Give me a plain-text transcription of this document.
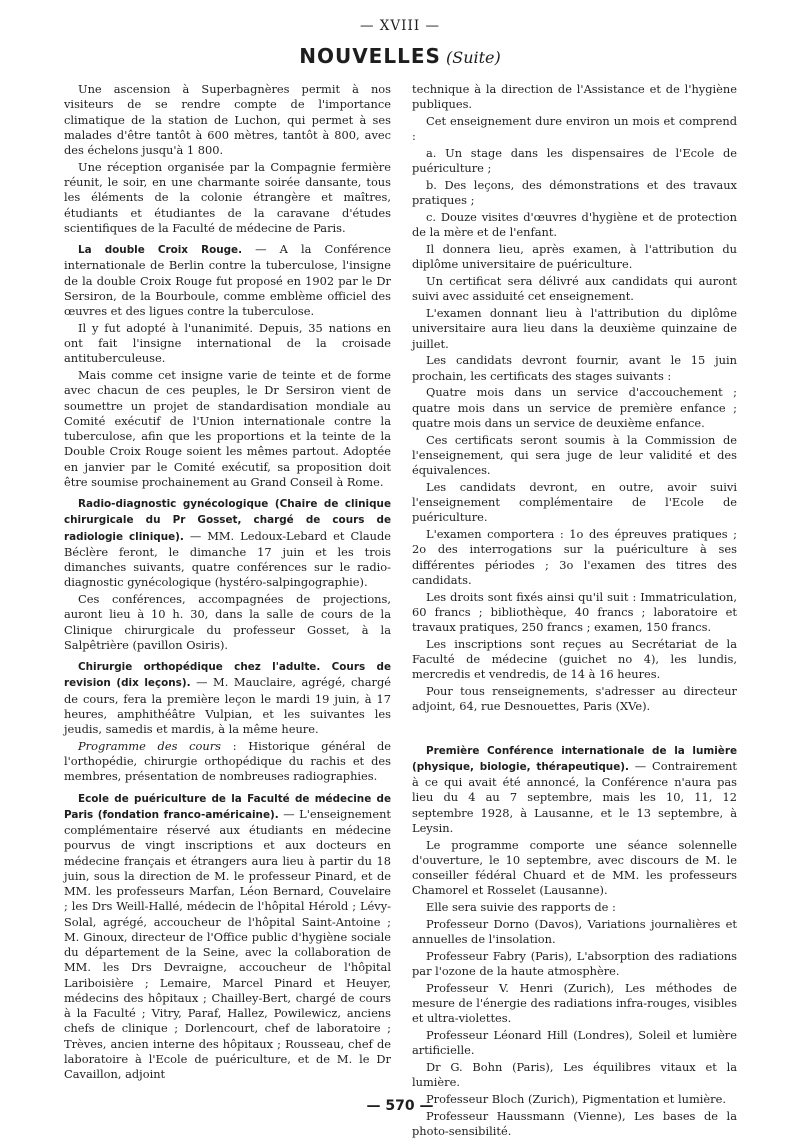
— XVIII —
NOUVELLES (Suite)

Une ascension à Superbagnères permit à nos visiteurs de se rendre compte de l'importance climatique de la station de Luchon, qui permet à ses malades d'être tantôt à 600 mètres, tantôt à 800, avec des échelons jusqu'à 1 800.

Une réception organisée par la Compagnie fermière réunit, le soir, en une charmante soirée dansante, tous les éléments de la colonie étrangère et maîtres, étudiants et étudiantes de la caravane d'études scientifiques de la Faculté de médecine de Paris.

La double Croix Rouge. — A la Conférence internationale de Berlin contre la tuberculose, l'insigne de la double Croix Rouge fut proposé en 1902 par le Dr Sersiron, de la Bourboule, comme emblème officiel des œuvres et des ligues contre la tuberculose.

Il y fut adopté à l'unanimité. Depuis, 35 nations en ont fait l'insigne international de la croisade antituberculeuse.

Mais comme cet insigne varie de teinte et de forme avec chacun de ces peuples, le Dr Sersiron vient de soumettre un projet de standardisation mondiale au Comité exécutif de l'Union internationale contre la tuberculose, afin que les proportions et la teinte de la Double Croix Rouge soient les mêmes partout. Adoptée en janvier par le Comité exécutif, sa proposition doit être soumise prochainement au Grand Conseil à Rome.

Radio-diagnostic gynécologique (Chaire de clinique chirurgicale du Pr Gosset, chargé de cours de radiologie clinique). — MM. Ledoux-Lebard et Claude Béclère feront, le dimanche 17 juin et les trois dimanches suivants, quatre conférences sur le radio-diagnostic gynécologique (hystéro-salpingographie).

Ces conférences, accompagnées de projections, auront lieu à 10 h. 30, dans la salle de cours de la Clinique chirurgicale du professeur Gosset, à la Salpêtrière (pavillon Osiris).

Chirurgie orthopédique chez l'adulte. Cours de revision (dix leçons). — M. Mauclaire, agrégé, chargé de cours, fera la première leçon le mardi 19 juin, à 17 heures, amphithéâtre Vulpian, et les suivantes les jeudis, samedis et mardis, à la même heure.

Programme des cours : Historique général de l'orthopédie, chirurgie orthopédique du rachis et des membres, présentation de nombreuses radiographies.

Ecole de puériculture de la Faculté de médecine de Paris (fondation franco-américaine). — L'enseignement complémentaire réservé aux étudiants en médecine pourvus de vingt inscriptions et aux docteurs en médecine français et étrangers aura lieu à partir du 18 juin, sous la direction de M. le professeur Pinard, et de MM. les professeurs Marfan, Léon Bernard, Couvelaire ; les Drs Weill-Hallé, médecin de l'hôpital Hérold ; Lévy-Solal, agrégé, accoucheur de l'hôpital Saint-Antoine ; M. Ginoux, directeur de l'Office public d'hygiène sociale du département de la Seine, avec la collaboration de MM. les Drs Devraigne, accoucheur de l'hôpital Lariboisière ; Lemaire, Marcel Pinard et Heuyer, médecins des hôpitaux ; Chailley-Bert, chargé de cours à la Faculté ; Vitry, Paraf, Hallez, Powilewicz, anciens chefs de clinique ; Dorlencourt, chef de laboratoire ; Trèves, ancien interne des hôpitaux ; Rousseau, chef de laboratoire à l'Ecole de puériculture, et de M. le Dr Cavaillon, adjoint

technique à la direction de l'Assistance et de l'hygiène publiques.

Cet enseignement dure environ un mois et comprend :

a. Un stage dans les dispensaires de l'Ecole de puériculture ;

b. Des leçons, des démonstrations et des travaux pratiques ;

c. Douze visites d'œuvres d'hygiène et de protection de la mère et de l'enfant.

Il donnera lieu, après examen, à l'attribution du diplôme universitaire de puériculture.

Un certificat sera délivré aux candidats qui auront suivi avec assiduité cet enseignement.

L'examen donnant lieu à l'attribution du diplôme universitaire aura lieu dans la deuxième quinzaine de juillet.

Les candidats devront fournir, avant le 15 juin prochain, les certificats des stages suivants :

Quatre mois dans un service d'accouchement ; quatre mois dans un service de première enfance ; quatre mois dans un service de deuxième enfance.

Ces certificats seront soumis à la Commission de l'enseignement, qui sera juge de leur validité et des équivalences.

Les candidats devront, en outre, avoir suivi l'enseignement complémentaire de l'Ecole de puériculture.

L'examen comportera : 1o des épreuves pratiques ; 2o des interrogations sur la puériculture à ses différentes périodes ; 3o l'examen des titres des candidats.

Les droits sont fixés ainsi qu'il suit : Immatriculation, 60 francs ; bibliothèque, 40 francs ; laboratoire et travaux pratiques, 250 francs ; examen, 150 francs.

Les inscriptions sont reçues au Secrétariat de la Faculté de médecine (guichet no 4), les lundis, mercredis et vendredis, de 14 à 16 heures.

Pour tous renseignements, s'adresser au directeur adjoint, 64, rue Desnouettes, Paris (XVe).

Première Conférence internationale de la lumière (physique, biologie, thérapeutique). — Contrairement à ce qui avait été annoncé, la Conférence n'aura pas lieu du 4 au 7 septembre, mais les 10, 11, 12 septembre 1928, à Lausanne, et le 13 septembre, à Leysin.

Le programme comporte une séance solennelle d'ouverture, le 10 septembre, avec discours de M. le conseiller fédéral Chuard et de MM. les professeurs Chamorel et Rosselet (Lausanne).

Elle sera suivie des rapports de :

Professeur Dorno (Davos), Variations journalières et annuelles de l'insolation.

Professeur Fabry (Paris), L'absorption des radiations par l'ozone de la haute atmosphère.

Professeur V. Henri (Zurich), Les méthodes de mesure de l'énergie des radiations infra-rouges, visibles et ultra-violettes.

Professeur Léonard Hill (Londres), Soleil et lumière artificielle.

Dr G. Bohn (Paris), Les équilibres vitaux et la lumière.

Professeur Bloch (Zurich), Pigmentation et lumière.

Professeur Haussmann (Vienne), Les bases de la photo-sensibilité.

— 570 —
